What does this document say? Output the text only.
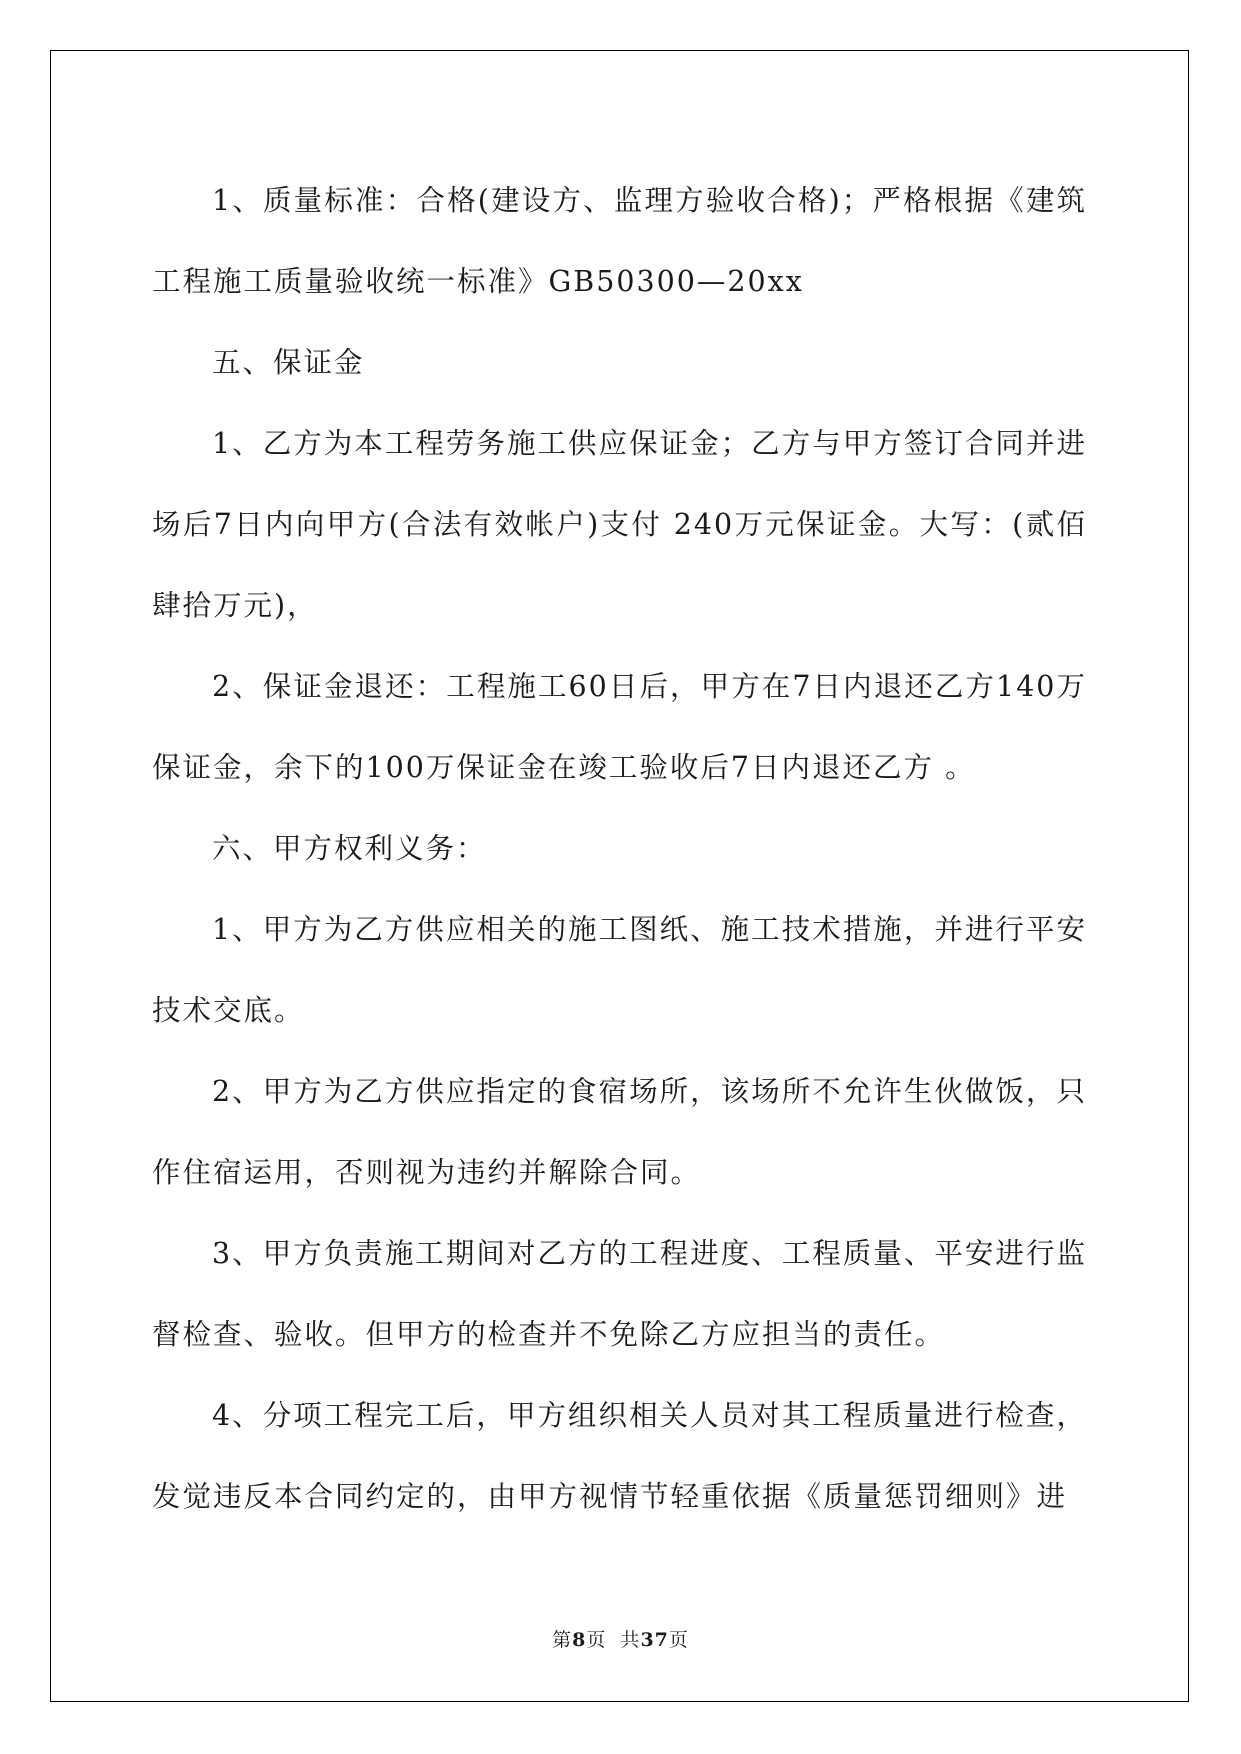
1、质量标准：合格(建设方、监理方验收合格)；严格根据《建筑工程施工质量验收统一标准》GB50300—20xx

五、保证金

1、乙方为本工程劳务施工供应保证金；乙方与甲方签订合同并进场后7日内向甲方(合法有效帐户)支付 240万元保证金。大写：(贰佰肆拾万元)，

2、保证金退还：工程施工60日后，甲方在7日内退还乙方140万保证金，余下的100万保证金在竣工验收后7日内退还乙方 。

六、甲方权利义务：

1、甲方为乙方供应相关的施工图纸、施工技术措施，并进行平安技术交底。

2、甲方为乙方供应指定的食宿场所，该场所不允许生伙做饭，只作住宿运用，否则视为违约并解除合同。

3、甲方负责施工期间对乙方的工程进度、工程质量、平安进行监督检查、验收。但甲方的检查并不免除乙方应担当的责任。

4、分项工程完工后，甲方组织相关人员对其工程质量进行检查，发觉违反本合同约定的，由甲方视情节轻重依据《质量惩罚细则》进

第8页  共37页
